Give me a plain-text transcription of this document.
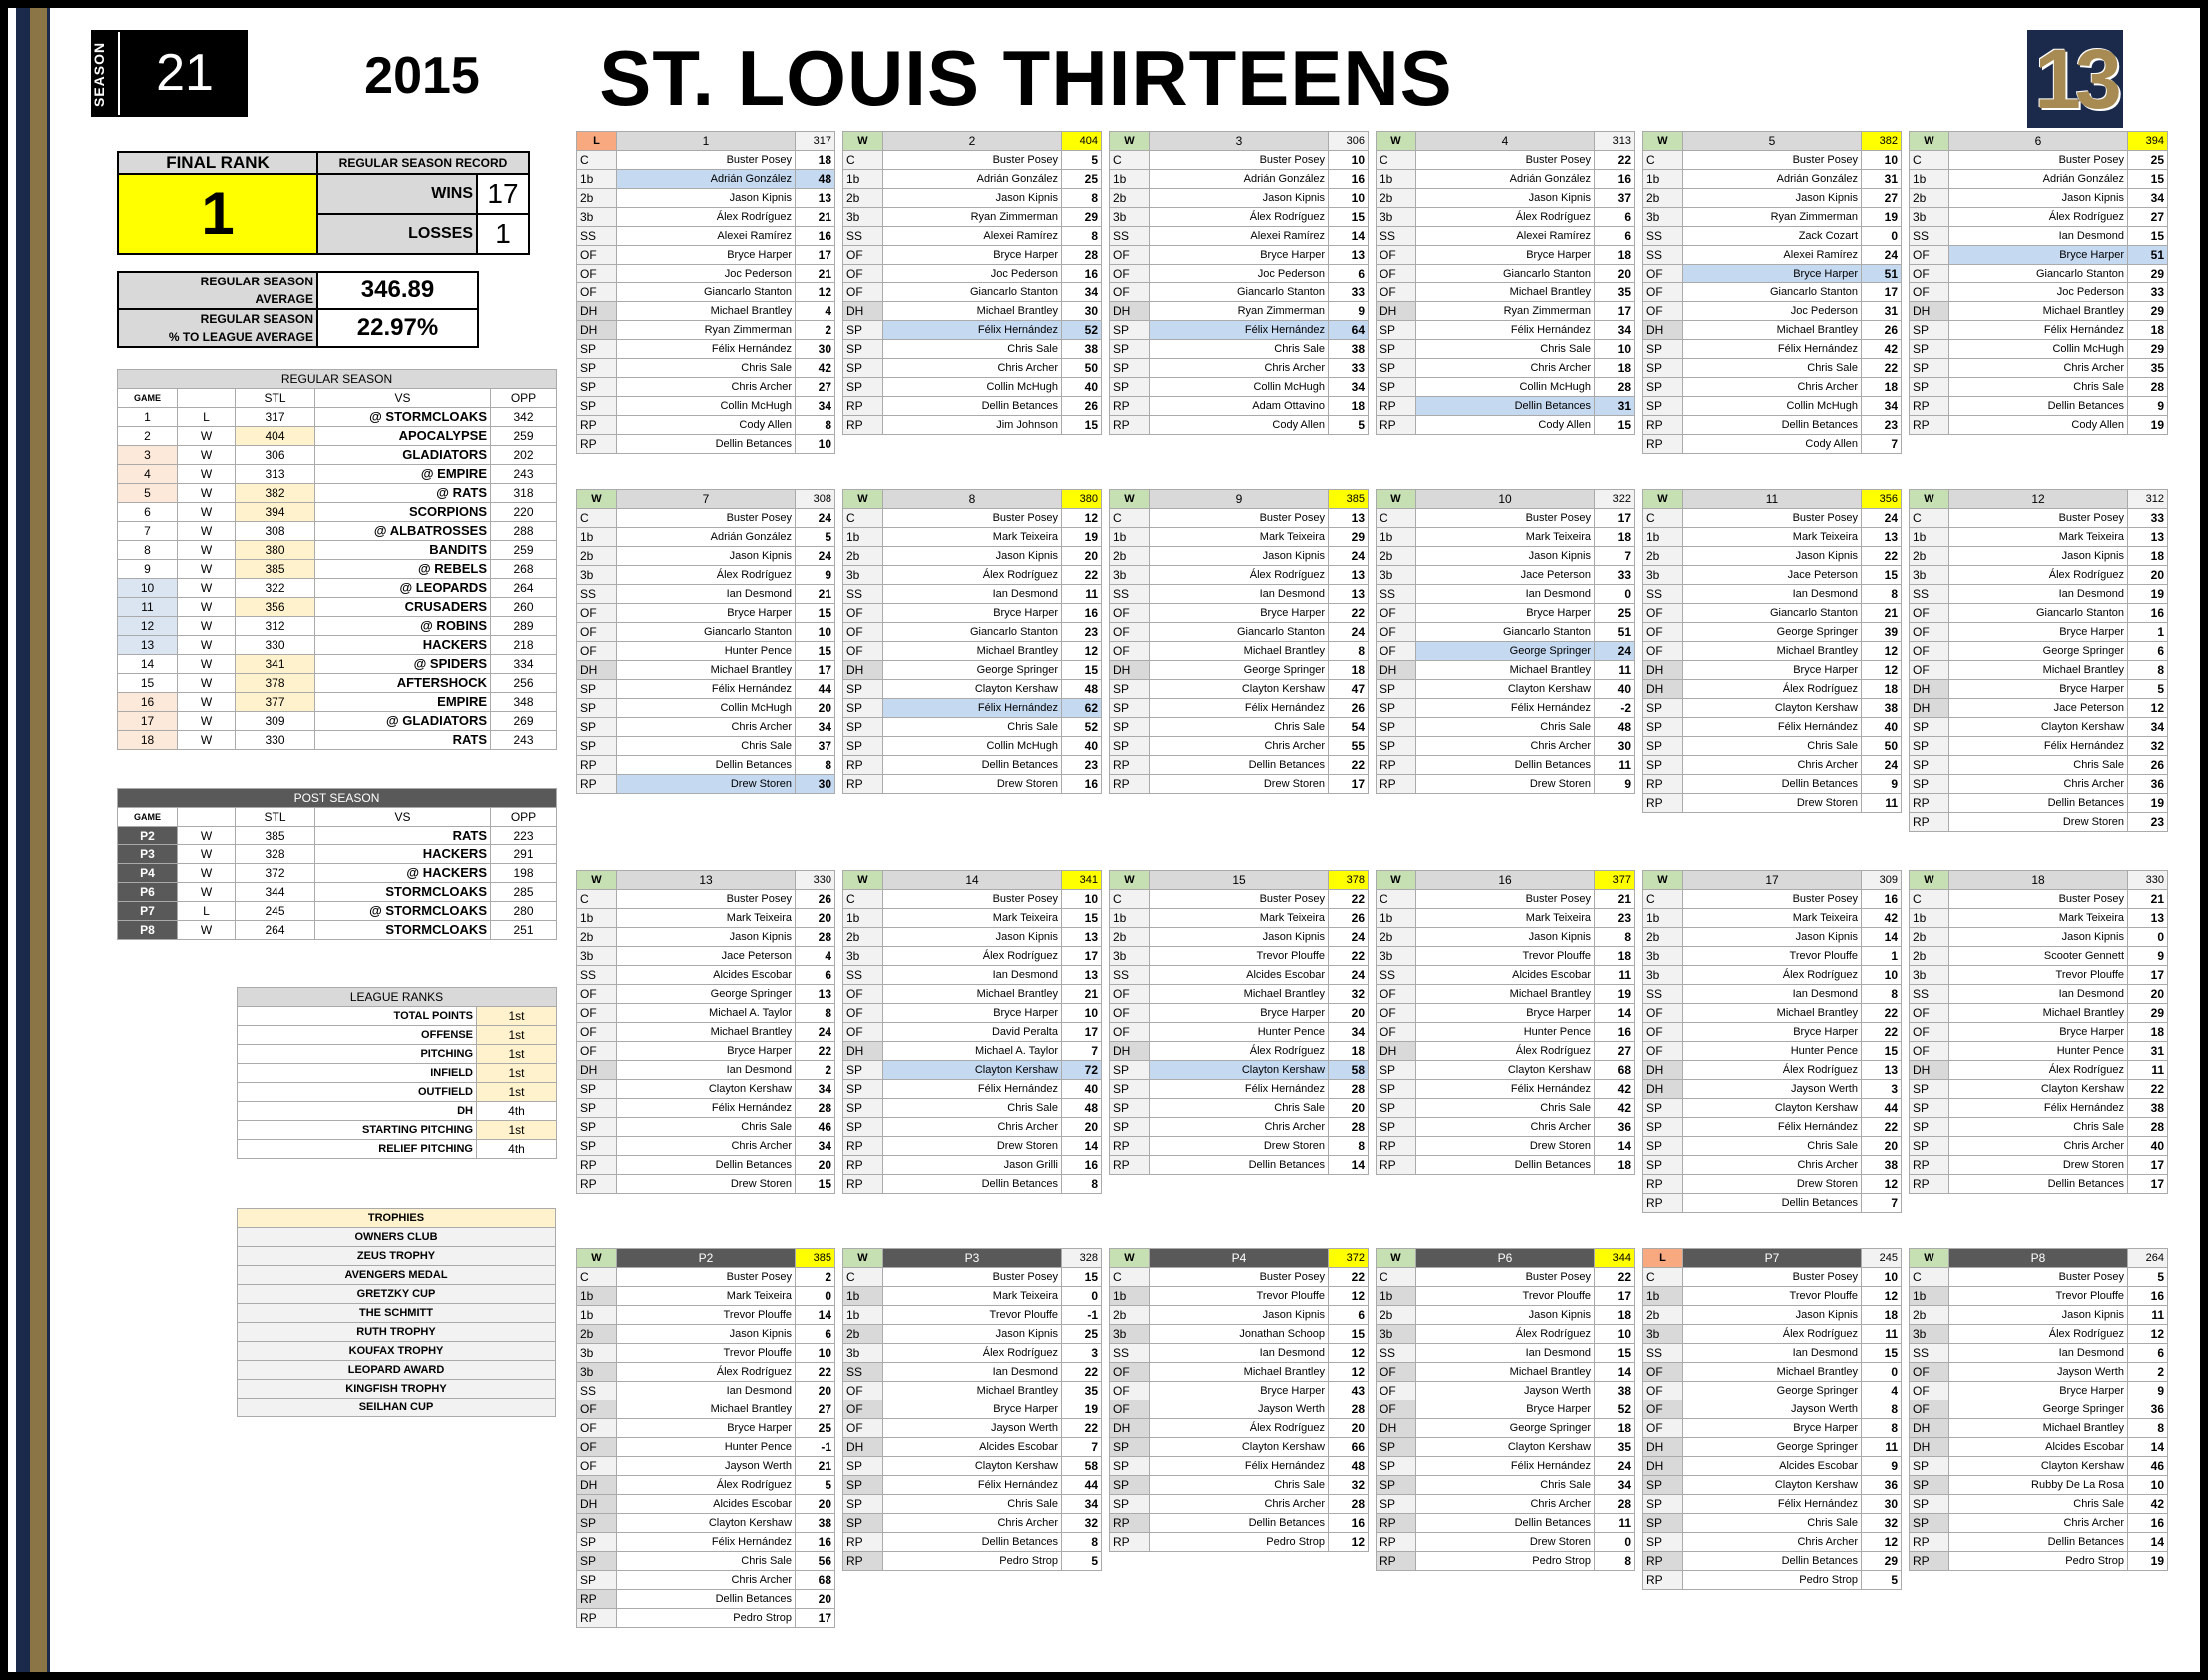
SEASON 21	2015	ST. LOUIS THIRTEENS	13
FINAL RANK	REGULAR SEASON RECORD	
1	WINS	17
	LOSSES	1
REGULAR SEASON
AVERAGE	346.89
REGULAR SEASON
% TO LEAGUE AVERAGE	22.97%
REGULAR SEASON				
GAME		STL	VS	OPP
1	L	317	@ STORMCLOAKS	342
2	W	404	APOCALYPSE	259
3	W	306	GLADIATORS	202
4	W	313	@ EMPIRE	243
5	W	382	@ RATS	318
6	W	394	SCORPIONS	220
7	W	308	@ ALBATROSSES	288
8	W	380	BANDITS	259
9	W	385	@ REBELS	268
10	W	322	@ LEOPARDS	264
11	W	356	CRUSADERS	260
12	W	312	@ ROBINS	289
13	W	330	HACKERS	218
14	W	341	@ SPIDERS	334
15	W	378	AFTERSHOCK	256
16	W	377	EMPIRE	348
17	W	309	@ GLADIATORS	269
18	W	330	RATS	243
POST SEASON				
GAME		STL	VS	OPP
P2	W	385	RATS	223
P3	W	328	HACKERS	291
P4	W	372	@ HACKERS	198
P6	W	344	STORMCLOAKS	285
P7	L	245	@ STORMCLOAKS	280
P8	W	264	STORMCLOAKS	251
LEAGUE RANKS	
TOTAL POINTS	1st
OFFENSE	1st
PITCHING	1st
INFIELD	1st
OUTFIELD	1st
DH	4th
STARTING PITCHING	1st
RELIEF PITCHING	4th
TROPHIES
OWNERS CLUB
ZEUS TROPHY
AVENGERS MEDAL
GRETZKY CUP
THE SCHMITT
RUTH TROPHY
KOUFAX TROPHY
LEOPARD AWARD
KINGFISH TROPHY
SEILHAN CUP
L	1	317
C	Buster Posey	18
1b	Adrián González	48
2b	Jason Kipnis	13
3b	Álex Rodríguez	21
SS	Alexei Ramírez	16
OF	Bryce Harper	17
OF	Joc Pederson	21
OF	Giancarlo Stanton	12
DH	Michael Brantley	4
DH	Ryan Zimmerman	2
SP	Félix Hernández	30
SP	Chris Sale	42
SP	Chris Archer	27
SP	Collin McHugh	34
RP	Cody Allen	8
RP	Dellin Betances	10
W	2	404
C	Buster Posey	5
1b	Adrián González	25
2b	Jason Kipnis	8
3b	Ryan Zimmerman	29
SS	Alexei Ramírez	8
OF	Bryce Harper	28
OF	Joc Pederson	16
OF	Giancarlo Stanton	34
DH	Michael Brantley	30
SP	Félix Hernández	52
SP	Chris Sale	38
SP	Chris Archer	50
SP	Collin McHugh	40
RP	Dellin Betances	26
RP	Jim Johnson	15
W	3	306
C	Buster Posey	10
1b	Adrián González	16
2b	Jason Kipnis	10
3b	Álex Rodríguez	15
SS	Alexei Ramírez	14
OF	Bryce Harper	13
OF	Joc Pederson	6
OF	Giancarlo Stanton	33
DH	Ryan Zimmerman	9
SP	Félix Hernández	64
SP	Chris Sale	38
SP	Chris Archer	33
SP	Collin McHugh	34
RP	Adam Ottavino	18
RP	Cody Allen	5
W	4	313
C	Buster Posey	22
1b	Adrián González	16
2b	Jason Kipnis	37
3b	Álex Rodríguez	6
SS	Alexei Ramírez	6
OF	Bryce Harper	18
OF	Giancarlo Stanton	20
OF	Michael Brantley	35
DH	Ryan Zimmerman	17
SP	Félix Hernández	34
SP	Chris Sale	10
SP	Chris Archer	18
SP	Collin McHugh	28
RP	Dellin Betances	31
RP	Cody Allen	15
W	5	382
C	Buster Posey	10
1b	Adrián González	31
2b	Jason Kipnis	27
3b	Ryan Zimmerman	19
SS	Zack Cozart	0
SS	Alexei Ramírez	24
OF	Bryce Harper	51
OF	Giancarlo Stanton	17
OF	Joc Pederson	31
DH	Michael Brantley	26
SP	Félix Hernández	42
SP	Chris Sale	22
SP	Chris Archer	18
SP	Collin McHugh	34
RP	Dellin Betances	23
RP	Cody Allen	7
W	6	394
C	Buster Posey	25
1b	Adrián González	15
2b	Jason Kipnis	34
3b	Álex Rodríguez	27
SS	Ian Desmond	15
OF	Bryce Harper	51
OF	Giancarlo Stanton	29
OF	Joc Pederson	33
DH	Michael Brantley	29
SP	Félix Hernández	18
SP	Collin McHugh	29
SP	Chris Archer	35
SP	Chris Sale	28
RP	Dellin Betances	9
RP	Cody Allen	19
W	7	308
C	Buster Posey	24
1b	Adrián González	5
2b	Jason Kipnis	24
3b	Álex Rodríguez	9
SS	Ian Desmond	21
OF	Bryce Harper	15
OF	Giancarlo Stanton	10
OF	Hunter Pence	15
DH	Michael Brantley	17
SP	Félix Hernández	44
SP	Collin McHugh	20
SP	Chris Archer	34
SP	Chris Sale	37
RP	Dellin Betances	8
RP	Drew Storen	30
W	8	380
C	Buster Posey	12
1b	Mark Teixeira	19
2b	Jason Kipnis	20
3b	Álex Rodríguez	22
SS	Ian Desmond	11
OF	Bryce Harper	16
OF	Giancarlo Stanton	23
OF	Michael Brantley	12
DH	George Springer	15
SP	Clayton Kershaw	48
SP	Félix Hernández	62
SP	Chris Sale	52
SP	Collin McHugh	40
RP	Dellin Betances	23
RP	Drew Storen	16
W	9	385
C	Buster Posey	13
1b	Mark Teixeira	29
2b	Jason Kipnis	24
3b	Álex Rodríguez	13
SS	Ian Desmond	13
OF	Bryce Harper	22
OF	Giancarlo Stanton	24
OF	Michael Brantley	8
DH	George Springer	18
SP	Clayton Kershaw	47
SP	Félix Hernández	26
SP	Chris Sale	54
SP	Chris Archer	55
RP	Dellin Betances	22
RP	Drew Storen	17
W	10	322
C	Buster Posey	17
1b	Mark Teixeira	18
2b	Jason Kipnis	7
3b	Jace Peterson	33
SS	Ian Desmond	0
OF	Bryce Harper	25
OF	Giancarlo Stanton	51
OF	George Springer	24
DH	Michael Brantley	11
SP	Clayton Kershaw	40
SP	Félix Hernández	-2
SP	Chris Sale	48
SP	Chris Archer	30
RP	Dellin Betances	11
RP	Drew Storen	9
W	11	356
C	Buster Posey	24
1b	Mark Teixeira	13
2b	Jason Kipnis	22
3b	Jace Peterson	15
SS	Ian Desmond	8
OF	Giancarlo Stanton	21
OF	George Springer	39
OF	Michael Brantley	12
DH	Bryce Harper	12
DH	Álex Rodríguez	18
SP	Clayton Kershaw	38
SP	Félix Hernández	40
SP	Chris Sale	50
SP	Chris Archer	24
RP	Dellin Betances	9
RP	Drew Storen	11
W	12	312
C	Buster Posey	33
1b	Mark Teixeira	13
2b	Jason Kipnis	18
3b	Álex Rodríguez	20
SS	Ian Desmond	19
OF	Giancarlo Stanton	16
OF	Bryce Harper	1
OF	George Springer	6
OF	Michael Brantley	8
DH	Bryce Harper	5
DH	Jace Peterson	12
SP	Clayton Kershaw	34
SP	Félix Hernández	32
SP	Chris Sale	26
SP	Chris Archer	36
RP	Dellin Betances	19
RP	Drew Storen	23
W	13	330
C	Buster Posey	26
1b	Mark Teixeira	20
2b	Jason Kipnis	28
3b	Jace Peterson	4
SS	Alcides Escobar	6
OF	George Springer	13
OF	Michael A. Taylor	8
OF	Michael Brantley	24
OF	Bryce Harper	22
DH	Ian Desmond	2
SP	Clayton Kershaw	34
SP	Félix Hernández	28
SP	Chris Sale	46
SP	Chris Archer	34
RP	Dellin Betances	20
RP	Drew Storen	15
W	14	341
C	Buster Posey	10
1b	Mark Teixeira	15
2b	Jason Kipnis	13
3b	Álex Rodríguez	17
SS	Ian Desmond	13
OF	Michael Brantley	21
OF	Bryce Harper	10
OF	David Peralta	17
DH	Michael A. Taylor	7
SP	Clayton Kershaw	72
SP	Félix Hernández	40
SP	Chris Sale	48
SP	Chris Archer	20
RP	Drew Storen	14
RP	Jason Grilli	16
RP	Dellin Betances	8
W	15	378
C	Buster Posey	22
1b	Mark Teixeira	26
2b	Jason Kipnis	24
3b	Trevor Plouffe	22
SS	Alcides Escobar	24
OF	Michael Brantley	32
OF	Bryce Harper	20
OF	Hunter Pence	34
DH	Álex Rodríguez	18
SP	Clayton Kershaw	58
SP	Félix Hernández	28
SP	Chris Sale	20
SP	Chris Archer	28
RP	Drew Storen	8
RP	Dellin Betances	14
W	16	377
C	Buster Posey	21
1b	Mark Teixeira	23
2b	Jason Kipnis	8
3b	Trevor Plouffe	18
SS	Alcides Escobar	11
OF	Michael Brantley	19
OF	Bryce Harper	14
OF	Hunter Pence	16
DH	Álex Rodríguez	27
SP	Clayton Kershaw	68
SP	Félix Hernández	42
SP	Chris Sale	42
SP	Chris Archer	36
RP	Drew Storen	14
RP	Dellin Betances	18
W	17	309
C	Buster Posey	16
1b	Mark Teixeira	42
2b	Jason Kipnis	14
3b	Trevor Plouffe	1
3b	Álex Rodríguez	10
SS	Ian Desmond	8
OF	Michael Brantley	22
OF	Bryce Harper	22
OF	Hunter Pence	15
DH	Álex Rodríguez	13
DH	Jayson Werth	3
SP	Clayton Kershaw	44
SP	Félix Hernández	22
SP	Chris Sale	20
SP	Chris Archer	38
RP	Drew Storen	12
RP	Dellin Betances	7
W	18	330
C	Buster Posey	21
1b	Mark Teixeira	13
2b	Jason Kipnis	0
2b	Scooter Gennett	9
3b	Trevor Plouffe	17
SS	Ian Desmond	20
OF	Michael Brantley	29
OF	Bryce Harper	18
OF	Hunter Pence	31
DH	Álex Rodríguez	11
SP	Clayton Kershaw	22
SP	Félix Hernández	38
SP	Chris Sale	28
SP	Chris Archer	40
RP	Drew Storen	17
RP	Dellin Betances	17
W	P2	385
C	Buster Posey	2
1b	Mark Teixeira	0
1b	Trevor Plouffe	14
2b	Jason Kipnis	6
3b	Trevor Plouffe	10
3b	Álex Rodríguez	22
SS	Ian Desmond	20
OF	Michael Brantley	27
OF	Bryce Harper	25
OF	Hunter Pence	-1
OF	Jayson Werth	21
DH	Álex Rodríguez	5
DH	Alcides Escobar	20
SP	Clayton Kershaw	38
SP	Félix Hernández	16
SP	Chris Sale	56
SP	Chris Archer	68
RP	Dellin Betances	20
RP	Pedro Strop	17
W	P3	328
C	Buster Posey	15
1b	Mark Teixeira	0
1b	Trevor Plouffe	-1
2b	Jason Kipnis	25
3b	Álex Rodríguez	3
SS	Ian Desmond	22
OF	Michael Brantley	35
OF	Bryce Harper	19
OF	Jayson Werth	22
DH	Alcides Escobar	7
SP	Clayton Kershaw	58
SP	Félix Hernández	44
SP	Chris Sale	34
SP	Chris Archer	32
RP	Dellin Betances	8
RP	Pedro Strop	5
W	P4	372
C	Buster Posey	22
1b	Trevor Plouffe	12
2b	Jason Kipnis	6
3b	Jonathan Schoop	15
SS	Ian Desmond	12
OF	Michael Brantley	12
OF	Bryce Harper	43
OF	Jayson Werth	28
DH	Álex Rodríguez	20
SP	Clayton Kershaw	66
SP	Félix Hernández	48
SP	Chris Sale	32
SP	Chris Archer	28
RP	Dellin Betances	16
RP	Pedro Strop	12
W	P6	344
C	Buster Posey	22
1b	Trevor Plouffe	17
2b	Jason Kipnis	18
3b	Álex Rodríguez	10
SS	Ian Desmond	15
OF	Michael Brantley	14
OF	Jayson Werth	38
OF	Bryce Harper	52
DH	George Springer	18
SP	Clayton Kershaw	35
SP	Félix Hernández	24
SP	Chris Sale	34
SP	Chris Archer	28
RP	Dellin Betances	11
RP	Drew Storen	0
RP	Pedro Strop	8
L	P7	245
C	Buster Posey	10
1b	Trevor Plouffe	12
2b	Jason Kipnis	18
3b	Álex Rodríguez	11
SS	Ian Desmond	15
OF	Michael Brantley	0
OF	George Springer	4
OF	Jayson Werth	8
OF	Bryce Harper	8
DH	George Springer	11
DH	Alcides Escobar	9
SP	Clayton Kershaw	36
SP	Félix Hernández	30
SP	Chris Sale	32
SP	Chris Archer	12
RP	Dellin Betances	29
RP	Pedro Strop	5
W	P8	264
C	Buster Posey	5
1b	Trevor Plouffe	16
2b	Jason Kipnis	11
3b	Álex Rodríguez	12
SS	Ian Desmond	6
OF	Jayson Werth	2
OF	Bryce Harper	9
OF	George Springer	36
DH	Michael Brantley	8
DH	Alcides Escobar	14
SP	Clayton Kershaw	46
SP	Rubby De La Rosa	10
SP	Chris Sale	42
SP	Chris Archer	16
RP	Dellin Betances	14
RP	Pedro Strop	19
